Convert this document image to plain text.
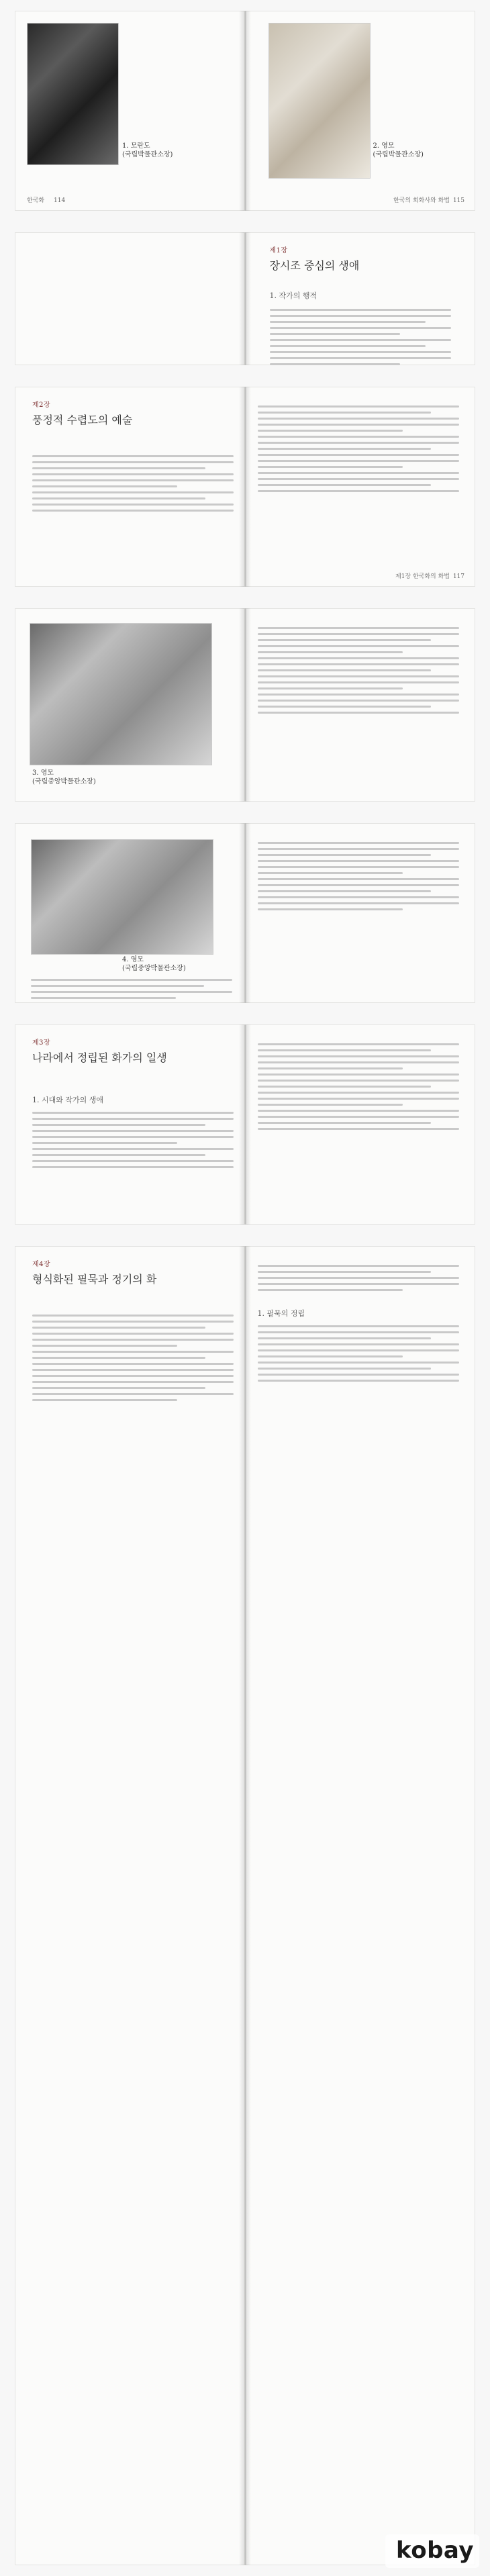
1. 모란도
(국립박물관소장)
한국화 114
2. 영모
(국립박물관소장)
한국의 회화사와 화법 115
제1장
장시조 중심의 생애
1. 작가의 행적
제2장
풍정적 수렵도의 예술
제1장 한국화의 화법 117
3. 영모
(국립중앙박물관소장)
4. 영모
(국립중앙박물관소장)
제3장
나라에서 정립된 화가의 일생
1. 시대와 작가의 생애
제4장
형식화된 필묵과 정기의 화
1. 필묵의 정립
kobay
